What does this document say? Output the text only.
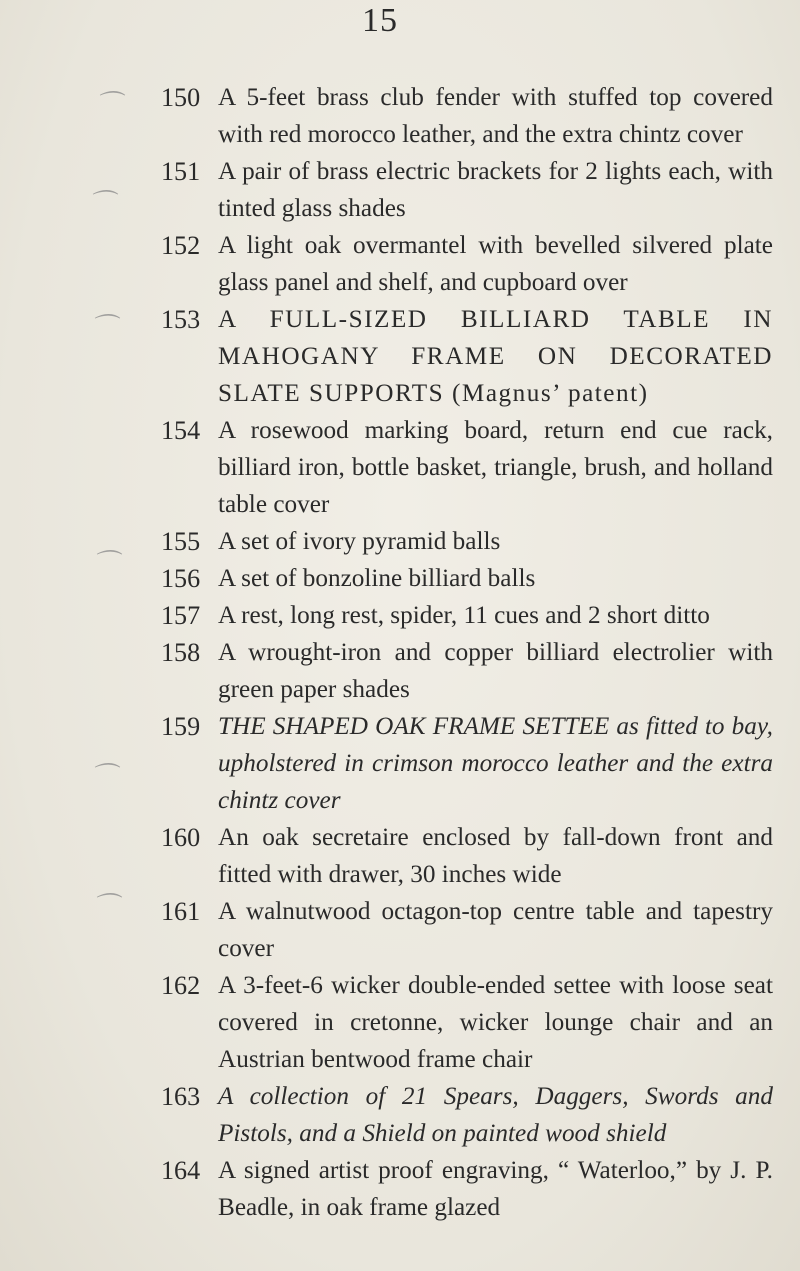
15
⌒
⌒
⌒
⌒
⌒
⌒
150 A 5-feet brass club fender with stuffed top covered with red morocco leather, and the extra chintz cover
151 A pair of brass electric brackets for 2 lights each, with tinted glass shades
152 A light oak overmantel with bevelled silvered plate glass panel and shelf, and cupboard over
153 A FULL-SIZED BILLIARD TABLE IN MAHOGANY FRAME ON DECORATED SLATE SUPPORTS (Magnus’ patent)
154 A rosewood marking board, return end cue rack, billiard iron, bottle basket, triangle, brush, and holland table cover
155 A set of ivory pyramid balls
156 A set of bonzoline billiard balls
157 A rest, long rest, spider, 11 cues and 2 short ditto
158 A wrought-iron and copper billiard electrolier with green paper shades
159 THE SHAPED OAK FRAME SETTEE as fitted to bay, upholstered in crimson morocco leather and the extra chintz cover
160 An oak secretaire enclosed by fall-down front and fitted with drawer, 30 inches wide
161 A walnutwood octagon-top centre table and tapestry cover
162 A 3-feet-6 wicker double-ended settee with loose seat covered in cretonne, wicker lounge chair and an Austrian bentwood frame chair
163 A collection of 21 Spears, Daggers, Swords and Pistols, and a Shield on painted wood shield
164 A signed artist proof engraving, “ Waterloo,” by J. P. Beadle, in oak frame glazed
